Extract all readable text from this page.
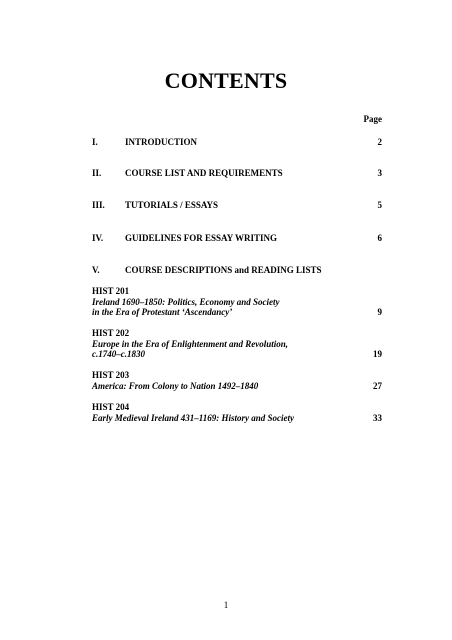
CONTENTS
Page
I.	INTRODUCTION	2
II.	COURSE LIST AND REQUIREMENTS	3
III. TUTORIALS / ESSAYS	5
IV. GUIDELINES FOR ESSAY WRITING	6
V.	COURSE DESCRIPTIONS and READING LISTS
HIST 201
Ireland 1690–1850: Politics, Economy and Society
in the Era of Protestant ‘Ascendancy’	9
HIST 202
Europe in the Era of Enlightenment and Revolution,
c.1740–c.1830	19
HIST 203
America: From Colony to Nation 1492–1840	27
HIST 204
Early Medieval Ireland 431–1169: History and Society	33
1
